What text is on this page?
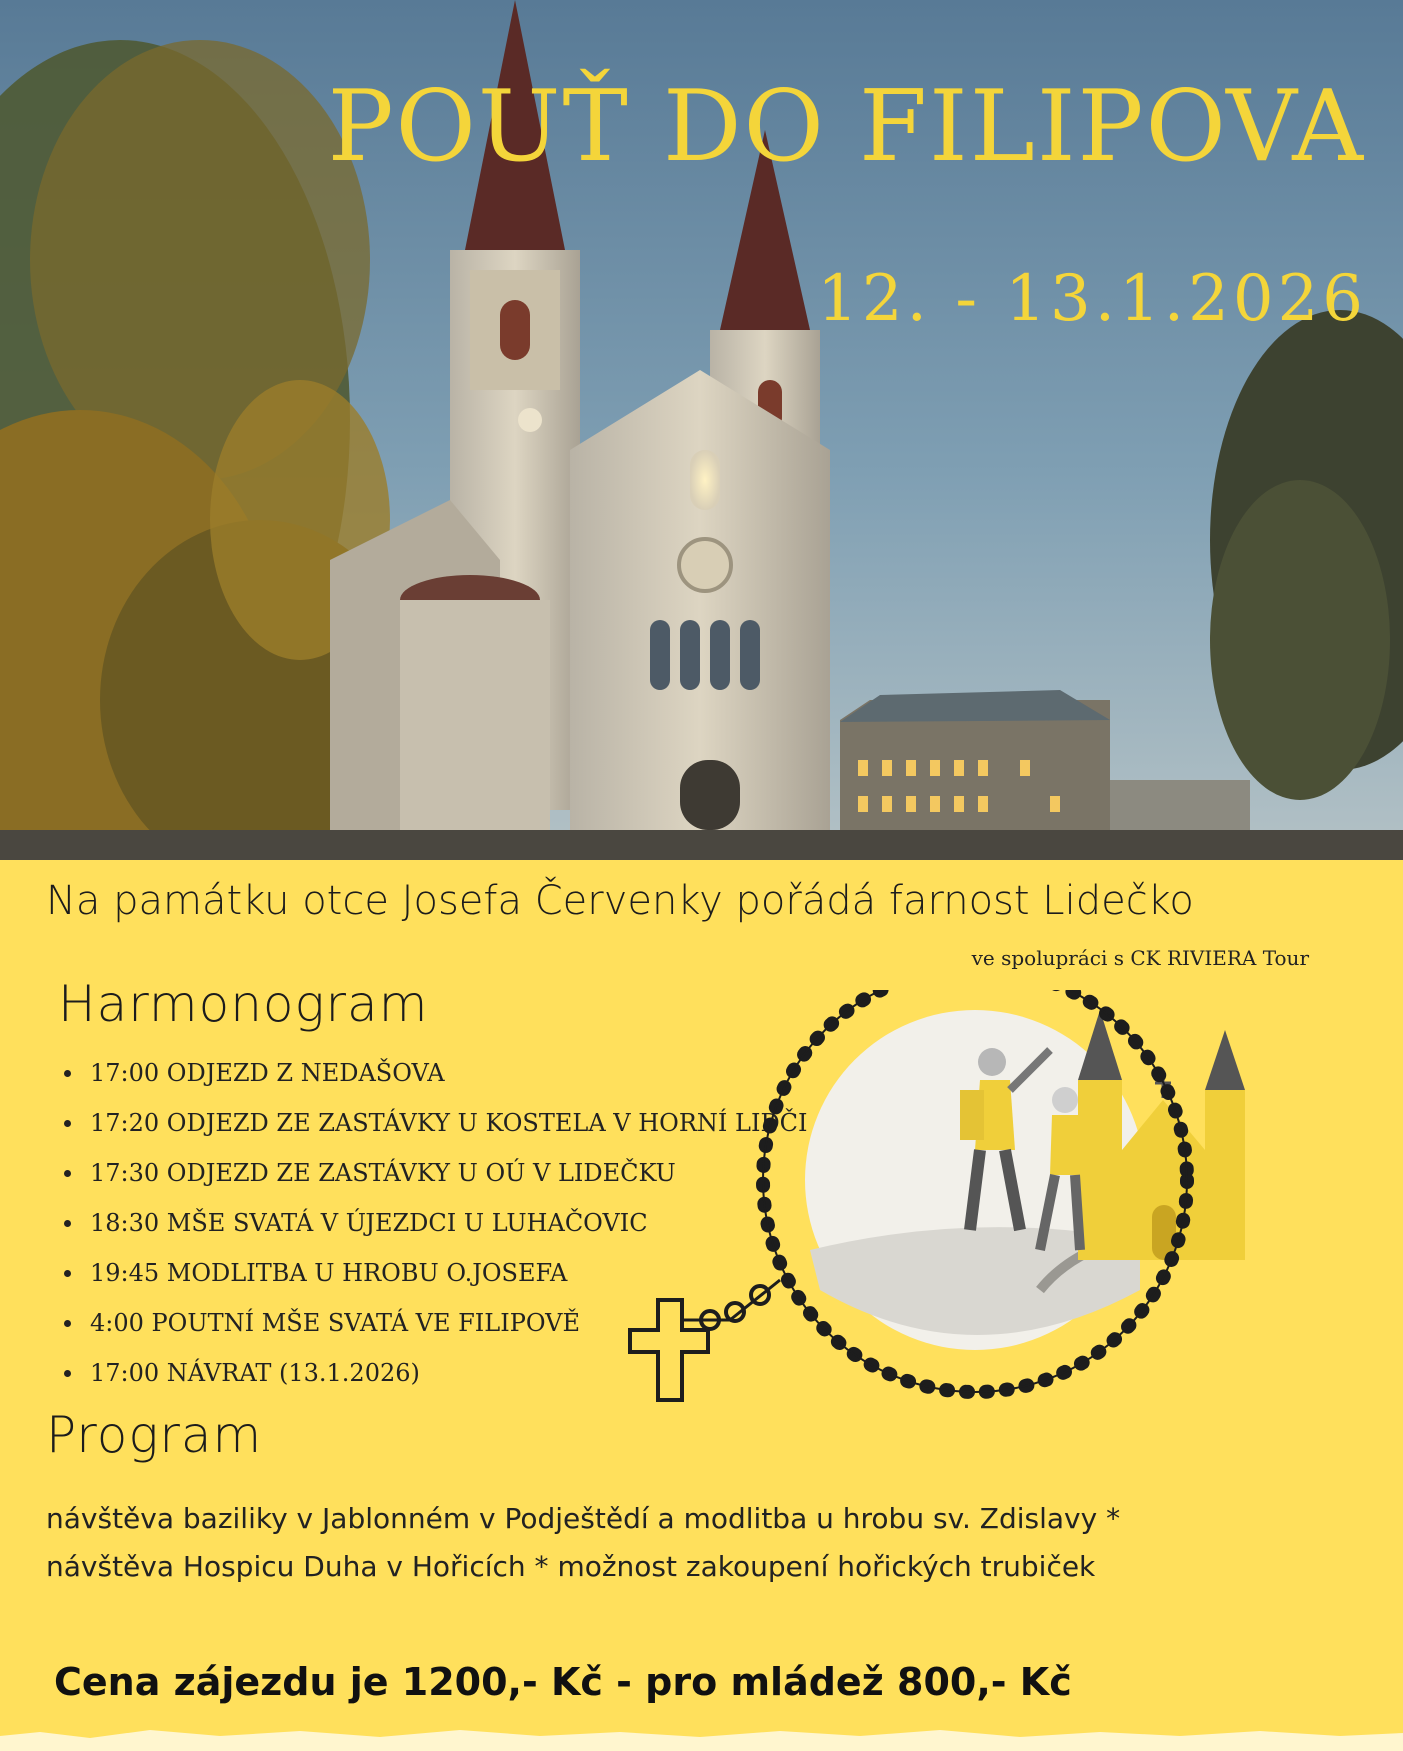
POUŤ DO FILIPOVA
12. - 13.1.2026
Na památku otce Josefa Červenky pořádá farnost Lidečko
ve spolupráci s CK RIVIERA Tour
Harmonogram
17:00 ODJEZD Z NEDAŠOVA
17:20 ODJEZD ZE ZASTÁVKY U KOSTELA V HORNÍ LIDČI
17:30 ODJEZD ZE ZASTÁVKY U OÚ V LIDEČKU
18:30 MŠE SVATÁ V ÚJEZDCI U LUHAČOVIC
19:45 MODLITBA U HROBU O.JOSEFA
4:00 POUTNÍ MŠE SVATÁ VE FILIPOVĚ
17:00 NÁVRAT (13.1.2026)
Program
návštěva baziliky v Jablonném v Podještědí a modlitba u hrobu sv. Zdislavy *
návštěva Hospicu Duha v Hořicích * možnost zakoupení hořických trubiček
Cena zájezdu je 1200,- Kč - pro mládež 800,- Kč
